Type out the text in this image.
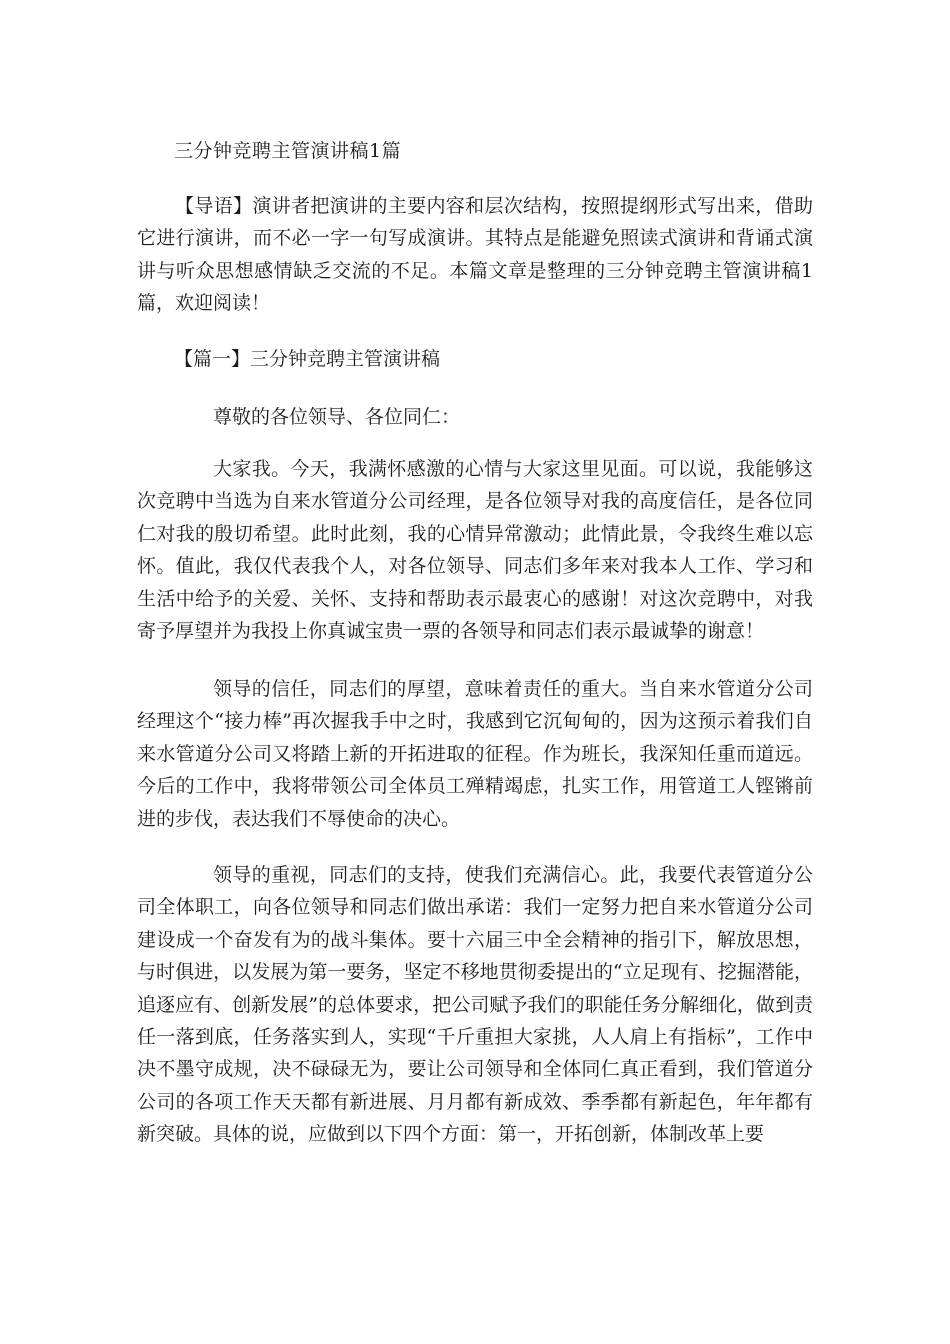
三分钟竞聘主管演讲稿1篇

【导语】演讲者把演讲的主要内容和层次结构，按照提纲形式写出来，借助它进行演讲，而不必一字一句写成演讲。其特点是能避免照读式演讲和背诵式演讲与听众思想感情缺乏交流的不足。本篇文章是整理的三分钟竞聘主管演讲稿1篇，欢迎阅读！

【篇一】三分钟竞聘主管演讲稿
尊敬的各位领导、各位同仁：

大家我。今天，我满怀感激的心情与大家这里见面。可以说，我能够这次竞聘中当选为自来水管道分公司经理，是各位领导对我的高度信任，是各位同仁对我的殷切希望。此时此刻，我的心情异常激动；此情此景，令我终生难以忘怀。值此，我仅代表我个人，对各位领导、同志们多年来对我本人工作、学习和生活中给予的关爱、关怀、支持和帮助表示最衷心的感谢！对这次竞聘中，对我寄予厚望并为我投上你真诚宝贵一票的各领导和同志们表示最诚挚的谢意！

领导的信任，同志们的厚望，意味着责任的重大。当自来水管道分公司经理这个“接力棒”再次握我手中之时，我感到它沉甸甸的，因为这预示着我们自来水管道分公司又将踏上新的开拓进取的征程。作为班长，我深知任重而道远。今后的工作中，我将带领公司全体员工殚精竭虑，扎实工作，用管道工人铿锵前进的步伐，表达我们不辱使命的决心。

领导的重视，同志们的支持，使我们充满信心。此，我要代表管道分公司全体职工，向各位领导和同志们做出承诺：我们一定努力把自来水管道分公司建设成一个奋发有为的战斗集体。要十六届三中全会精神的指引下，解放思想，与时俱进，以发展为第一要务，坚定不移地贯彻委提出的“立足现有、挖掘潜能，追逐应有、创新发展”的总体要求，把公司赋予我们的职能任务分解细化，做到责任一落到底，任务落实到人，实现“千斤重担大家挑，人人肩上有指标”，工作中决不墨守成规，决不碌碌无为，要让公司领导和全体同仁真正看到，我们管道分公司的各项工作天天都有新进展、月月都有新成效、季季都有新起色，年年都有新突破。具体的说，应做到以下四个方面：第一，开拓创新，体制改革上要
